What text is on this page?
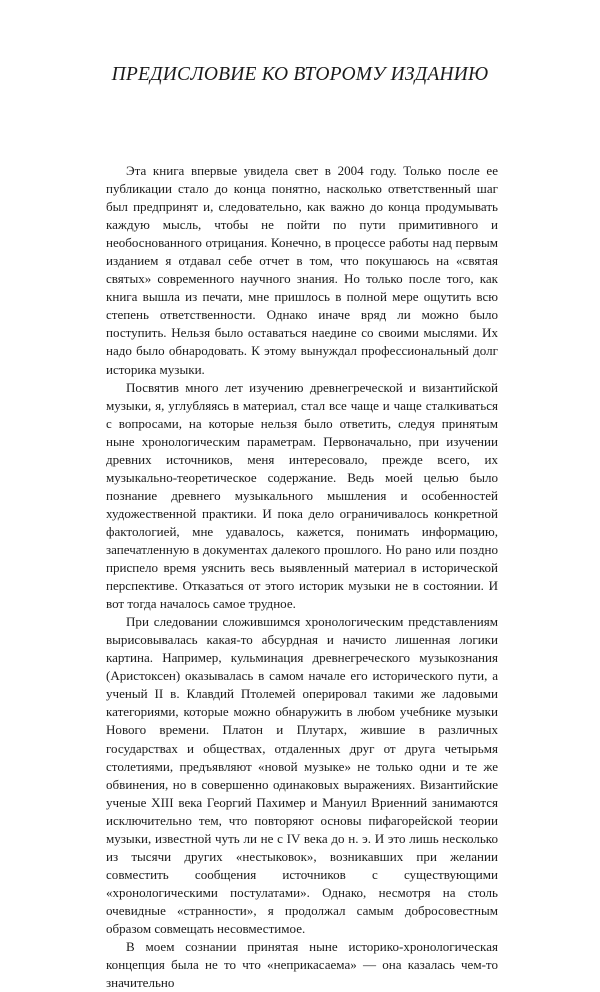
ПРЕДИСЛОВИЕ КО ВТОРОМУ ИЗДАНИЮ

Эта книга впервые увидела свет в 2004 году. Только после ее публикации стало до конца понятно, насколько ответственный шаг был предпринят и, следовательно, как важно до конца продумывать каждую мысль, чтобы не пойти по пути примитивного и необоснованного отрицания. Конечно, в процессе работы над первым изданием я отдавал себе отчет в том, что покушаюсь на «святая святых» современного научного знания. Но только после того, как книга вышла из печати, мне пришлось в полной мере ощутить всю степень ответственности. Однако иначе вряд ли можно было поступить. Нельзя было оставаться наедине со своими мыслями. Их надо было обнародовать. К этому вынуждал профессиональный долг историка музыки.

Посвятив много лет изучению древнегреческой и византийской музыки, я, углубляясь в материал, стал все чаще и чаще сталкиваться с вопросами, на которые нельзя было ответить, следуя принятым ныне хронологическим параметрам. Первоначально, при изучении древних источников, меня интересовало, прежде всего, их музыкально-теоретическое содержание. Ведь моей целью было познание древнего музыкального мышления и особенностей художественной практики. И пока дело ограничивалось конкретной фактологией, мне удавалось, кажется, понимать информацию, запечатленную в документах далекого прошлого. Но рано или поздно приспело время уяснить весь выявленный материал в исторической перспективе. Отказаться от этого историк музыки не в состоянии. И вот тогда началось самое трудное.

При следовании сложившимся хронологическим представлениям вырисовывалась какая-то абсурдная и начисто лишенная логики картина. Например, кульминация древнегреческого музыкознания (Аристоксен) оказывалась в самом начале его исторического пути, а ученый II в. Клавдий Птолемей оперировал такими же ладовыми категориями, которые можно обнаружить в любом учебнике музыки Нового времени. Платон и Плутарх, жившие в различных государствах и обществах, отдаленных друг от друга четырьмя столетиями, предъявляют «новой музыке» не только одни и те же обвинения, но в совершенно одинаковых выражениях. Византийские ученые XIII века Георгий Пахимер и Мануил Вриенний занимаются исключительно тем, что повторяют основы пифагорейской теории музыки, известной чуть ли не с IV века до н. э. И это лишь несколько из тысячи других «нестыковок», возникавших при желании совместить сообщения источников с существующими «хронологическими постулатами». Однако, несмотря на столь очевидные «странности», я продолжал самым добросовестным образом совмещать несовместимое.

В моем сознании принятая ныне историко-хронологическая концепция была не то что «неприкасаема» — она казалась чем-то значительно
